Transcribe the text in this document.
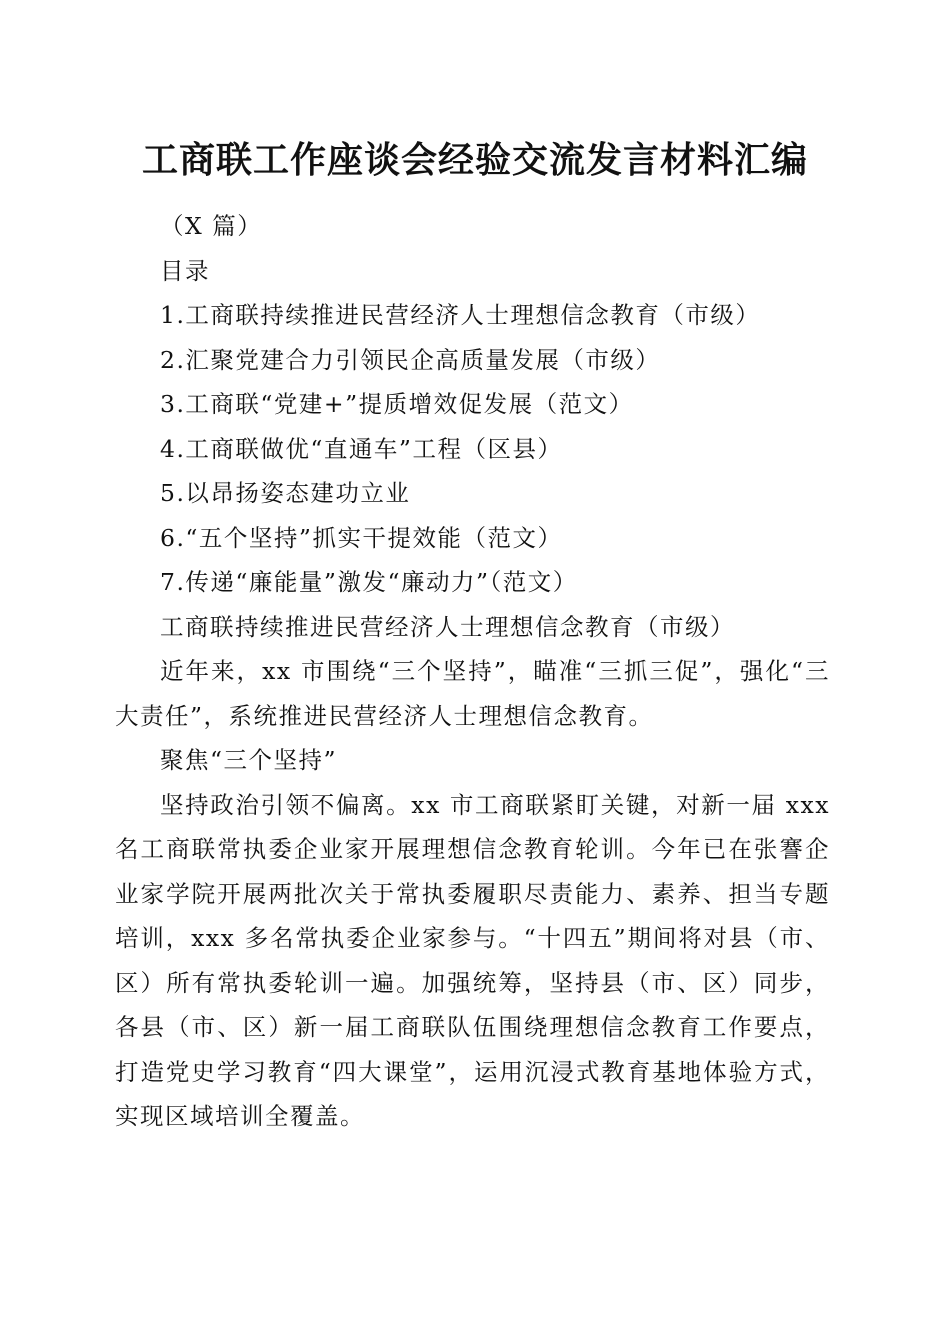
工商联工作座谈会经验交流发言材料汇编
（X 篇）
目录
1.工商联持续推进民营经济人士理想信念教育（市级）
2.汇聚党建合力引领民企高质量发展（市级）
3.工商联“党建+”提质增效促发展（范文）
4.工商联做优“直通车”工程（区县）
5.以昂扬姿态建功立业
6.“五个坚持”抓实干提效能（范文）
7.传递“廉能量”激发“廉动力”（范文）
工商联持续推进民营经济人士理想信念教育（市级）

近年来，xx 市围绕“三个坚持”，瞄准“三抓三促”，强化“三大责任”，系统推进民营经济人士理想信念教育。

聚焦“三个坚持”

坚持政治引领不偏离。xx 市工商联紧盯关键，对新一届 xxx 名工商联常执委企业家开展理想信念教育轮训。今年已在张謇企业家学院开展两批次关于常执委履职尽责能力、素养、担当专题培训，xxx 多名常执委企业家参与。“十四五”期间将对县（市、区）所有常执委轮训一遍。加强统筹，坚持县（市、区）同步，各县（市、区）新一届工商联队伍围绕理想信念教育工作要点，打造党史学习教育“四大课堂”，运用沉浸式教育基地体验方式，实现区域培训全覆盖。
